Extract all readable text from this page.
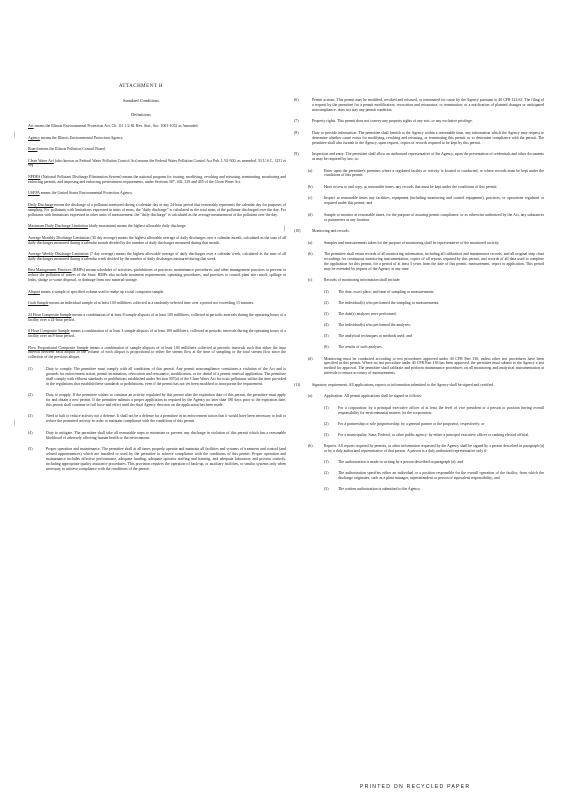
ATTACHMENT H
Standard Conditions
Definitions
|
|
|
Act means the Illinois Environmental Protection Act, Ch. 111 1/2 Ill. Rev. Stat., Sec. 1001-1052 as Amended.
Agency means the Illinois Environmental Protection Agency.
Board means the Illinois Pollution Control Board.
Clean Water Act (also known as Federal Water Pollution Control Act) means the Federal Water Pollution Control Act Pub. L 92-500, as amended. 33 U.S.C. 1251 et seq.
NPDES (National Pollutant Discharge Elimination System) means the national program for issuing, modifying, revoking and reissuing, terminating, monitoring and enforcing permits, and imposing and enforcing pretreatment requirements, under Sections 307, 402, 318 and 405 of the Clean Water Act.
USEPA means the United States Environmental Protection Agency.
Daily Discharge means the discharge of a pollutant measured during a calendar day or any 24-hour period that reasonably represents the calendar day for purposes of sampling. For pollutants with limitations expressed in units of mass, the "daily discharge" is calculated as the total mass of the pollutant discharged over the day. For pollutants with limitations expressed in other units of measurement, the "daily discharge" is calculated as the average measurement of the pollutant over the day.
Maximum Daily Discharge Limitation (daily maximum) means the highest allowable daily discharge.
Average Monthly Discharge Limitation (30 day average) means the highest allowable average of daily discharges over a calendar month, calculated as the sum of all daily discharges measured during a calendar month divided by the number of daily discharges measured during that month.
Average Weekly Discharge Limitation (7 day average) means the highest allowable average of daily discharges over a calendar week, calculated as the sum of all daily discharges measured during a calendar week divided by the number of daily discharges measured during that week.
Best Management Practices (BMPs) means schedules of activities, prohibitions of practices, maintenance procedures, and other management practices to prevent or reduce the pollution of waters of the State. BMPs also include treatment requirements, operating procedures, and practices to control plant site runoff, spillage or leaks, sludge or waste disposal, or drainage from raw material storage.
Aliquot means a sample of specified volume used to make up a total composite sample.
Grab Sample means an individual sample of at least 100 milliliters collected at a randomly-selected time over a period not exceeding 15 minutes.
24 Hour Composite Sample means a combination of at least 8 sample aliquots of at least 100 milliliters, collected at periodic intervals during the operating hours of a facility over a 24-hour period.
8 Hour Composite Sample means a combination of at least 3 sample aliquots of at least 100 milliliters, collected at periodic intervals during the operating hours of a facility over an 8-hour period.
Flow Proportional Composite Sample means a combination of sample aliquots of at least 100 milliliters collected at periodic intervals such that either the time interval between each aliquot or the volume of each aliquot is proportional to either the stream flow at the time of sampling or the total stream flow since the collection of the previous aliquot.
(1)	Duty to comply. The permittee must comply with all conditions of this permit. Any permit noncompliance constitutes a violation of the Act and is grounds for enforcement action, permit termination, revocation and reissuance, modification, or for denial of a permit renewal application. The permittee shall comply with effluent standards or prohibitions established under Section 307(a) of the Clean Water Act for toxic pollutants within the time provided in the regulations that establish these standards or prohibitions, even if the permit has not yet been modified to incorporate the requirement.
(2)	Duty to reapply. If the permittee wishes to continue an activity regulated by this permit after the expiration date of this permit, the permittee must apply for and obtain a new permit. If the permittee submits a proper application as required by the Agency no later than 180 days prior to the expiration date, this permit shall continue in full force and effect until the final Agency decision on the application has been made.
(3)	Need to halt or reduce activity not a defense. It shall not be a defense for a permittee in an enforcement action that it would have been necessary to halt or reduce the permitted activity in order to maintain compliance with the conditions of this permit.
(4)	Duty to mitigate. The permittee shall take all reasonable steps to minimize or prevent any discharge in violation of this permit which has a reasonable likelihood of adversely affecting human health or the environment.
(5)	Proper operation and maintenance. The permittee shall at all times properly operate and maintain all facilities and systems of treatment and control (and related appurtenances) which are installed or used by the permittee to achieve compliance with the conditions of this permit. Proper operation and maintenance includes effective performance, adequate funding, adequate operator staffing and training, and adequate laboratory and process controls, including appropriate quality assurance procedures. This provision requires the operation of back-up, or auxiliary facilities, or similar systems only when necessary to achieve compliance with the conditions of the permit.
(6)	Permit actions. This permit may be modified, revoked and reissued, or terminated for cause by the Agency pursuant to 40 CFR 122.62. The filing of a request by the permittee for a permit modification, revocation and reissuance, or termination, or a notification of planned changes or anticipated noncompliance, does not stay any permit condition.
(7)	Property rights. This permit does not convey any property rights of any sort, or any exclusive privilege.
(8)	Duty to provide information. The permittee shall furnish to the Agency within a reasonable time, any information which the Agency may request to determine whether cause exists for modifying, revoking and reissuing, or terminating this permit, or to determine compliance with the permit. The permittee shall also furnish to the Agency, upon request, copies of records required to be kept by this permit.
(9)	Inspection and entry. The permittee shall allow an authorized representative of the Agency, upon the presentation of credentials and other documents as may be required by law, to:
(a)	Enter upon the permittee's premises where a regulated facility or activity is located or conducted, or where records must be kept under the conditions of this permit;
(b)	Have access to and copy, at reasonable times, any records that must be kept under the conditions of this permit;
(c)	Inspect at reasonable times any facilities, equipment (including monitoring and control equipment), practices, or operations regulated or required under this permit; and
(d)	Sample or monitor at reasonable times, for the purpose of assuring permit compliance, or as otherwise authorized by the Act, any substances or parameters at any location.
(10)	Monitoring and records.
(a)	Samples and measurements taken for the purpose of monitoring shall be representative of the monitored activity.
(b)	The permittee shall retain records of all monitoring information, including all calibration and maintenance records, and all original strip chart recordings for continuous monitoring instrumentation, copies of all reports required by this permit, and records of all data used to complete the application for this permit, for a period of at least 3 years from the date of this permit, measurement, report or application. This period may be extended by request of the Agency at any time.
(c)	Records of monitoring information shall include:
(1)	The date, exact place, and time of sampling or measurements;
(2)	The individual(s) who performed the sampling or measurements;
(3)	The date(s) analyses were performed;
(4)	The individual(s) who performed the analyses;
(5)	The analytical techniques or methods used; and
(6)	The results of such analyses.
(d)	Monitoring must be conducted according to test procedures approved under 40 CFR Part 136, unless other test procedures have been specified in this permit. Where no test procedure under 40 CFR Part 136 has been approved, the permittee must submit to the Agency a test method for approval. The permittee shall calibrate and perform maintenance procedures on all monitoring and analytical instrumentation at intervals to ensure accuracy of measurements.
(11)	Signatory requirement. All applications, reports or information submitted to the Agency shall be signed and certified.
(a)	Application. All permit applications shall be signed as follows:
(1)	For a corporation: by a principal executive officer of at least the level of vice president or a person or position having overall responsibility for environmental matters for the corporation;
(2)	For a partnership or sole proprietorship: by a general partner or the proprietor, respectively; or
(3)	For a municipality, State, Federal, or other public agency: by either a principal executive officer or ranking elected official.
(b)	Reports. All reports required by permits, or other information requested by the Agency shall be signed by a person described in paragraph (a) or by a duly authorized representative of that person. A person is a duly authorized representative only if:
(1)	The authorization is made in writing by a person described in paragraph (a); and
(2)	The authorization specifies either an individual or a position responsible for the overall operation of the facility, from which the discharge originates, such as a plant manager, superintendent or person of equivalent responsibility; and
(3)	The written authorization is submitted to the Agency.
PRINTED ON RECYCLED PAPER
